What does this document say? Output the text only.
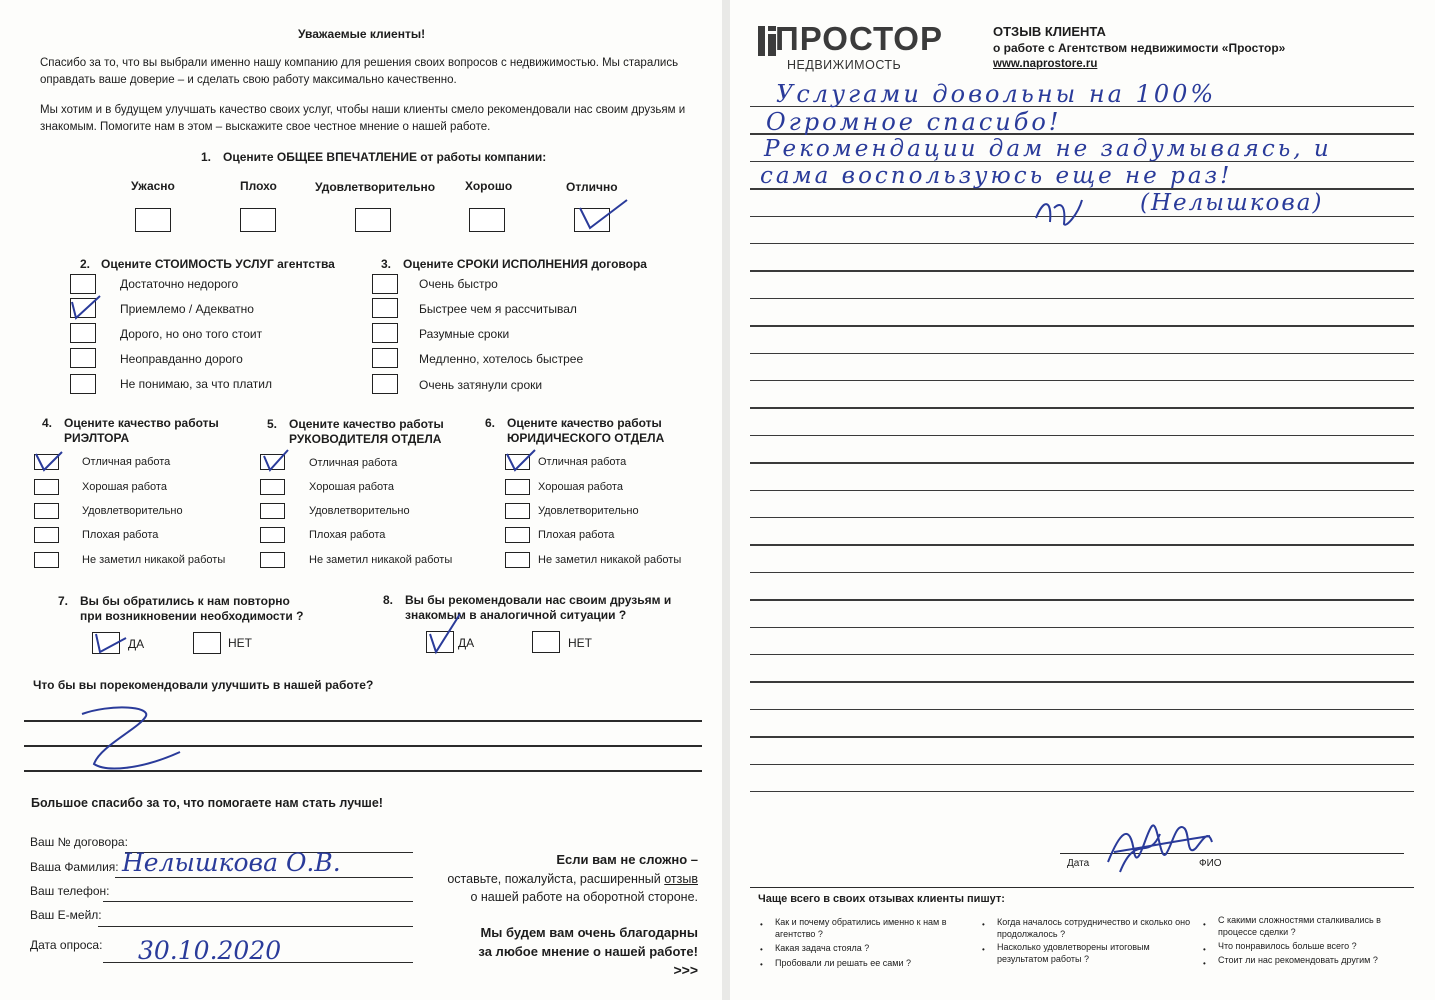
Уважаемые клиенты!
Спасибо за то, что вы выбрали именно нашу компанию для решения своих вопросов с недвижимостью. Мы старались
оправдать ваше доверие – и сделать свою работу максимально качественно.
Мы хотим и в будущем улучшать качество своих услуг, чтобы наши клиенты смело рекомендовали нас своим друзьям и
знакомым. Помогите нам в этом – выскажите свое честное мнение о нашей работе.
1. Оцените ОБЩЕЕ ВПЕЧАТЛЕНИЕ от работы компании:
Ужасно	Плохо	Удовлетворительно Хорошо	Отлично
2. Оцените СТОИМОСТЬ УСЛУГ агентства
Достаточно недорого
Приемлемо / Адекватно
Дорого, но оно того стоит
Неоправданно дорого
Не понимаю, за что платил
3. Оцените СРОКИ ИСПОЛНЕНИЯ договора
Очень быстро
Быстрее чем я рассчитывал
Разумные сроки
Медленно, хотелось быстрее
Очень затянули сроки
4. Оцените качество работы
РИЭЛТОРА
5. Оцените качество работы
РУКОВОДИТЕЛЯ ОТДЕЛА
6. Оцените качество работы
ЮРИДИЧЕСКОГО ОТДЕЛА
Отличная работа
Хорошая работа
Удовлетворительно
Плохая работа
Не заметил никакой работы
Отличная работа
Хорошая работа
Удовлетворительно
Плохая работа
Не заметил никакой работы
Отличная работа
Хорошая работа
Удовлетворительно
Плохая работа
Не заметил никакой работы
7. Вы бы обратились к нам повторно
при возникновении необходимости ?
ДА	НЕТ
8. Вы бы рекомендовали нас своим друзьям и
знакомым в аналогичной ситуации ?
ДА	НЕТ
Что бы вы порекомендовали улучшить в нашей работе?
Большое спасибо за то, что помогаете нам стать лучше!
Ваш № договора:
Ваша Фамилия: Нелышкова О.В.
Ваш телефон:
Ваш Е-мейл:
Дата опроса: 30.10.2020
Если вам не сложно –
оставьте, пожалуйста, расширенный отзыв
о нашей работе на оборотной стороне.
Мы будем вам очень благодарны
за любое мнение о нашей работе!
>>>
ПРОСТОР
НЕДВИЖИМОСТЬ
ОТЗЫВ КЛИЕНТА
о работе с Агентством недвижимости «Простор»
www.naprostore.ru
Услугами довольны на 100%
Огромное спасибо!
Рекомендации дам не задумываясь, и
сама воспользуюсь еще не раз!
(Нелышкова)
Дата	ФИО
Чаще всего в своих отзывах клиенты пишут:
• Как и почему обратились именно к нам в агентство ?
• Какая задача стояла ?
• Пробовали ли решать ее сами ?
• Когда началось сотрудничество и сколько оно продолжалось ?
• Насколько удовлетворены итоговым результатом работы ?
• С какими сложностями сталкивались в процессе сделки ?
• Что понравилось больше всего ?
• Стоит ли нас рекомендовать другим ?
